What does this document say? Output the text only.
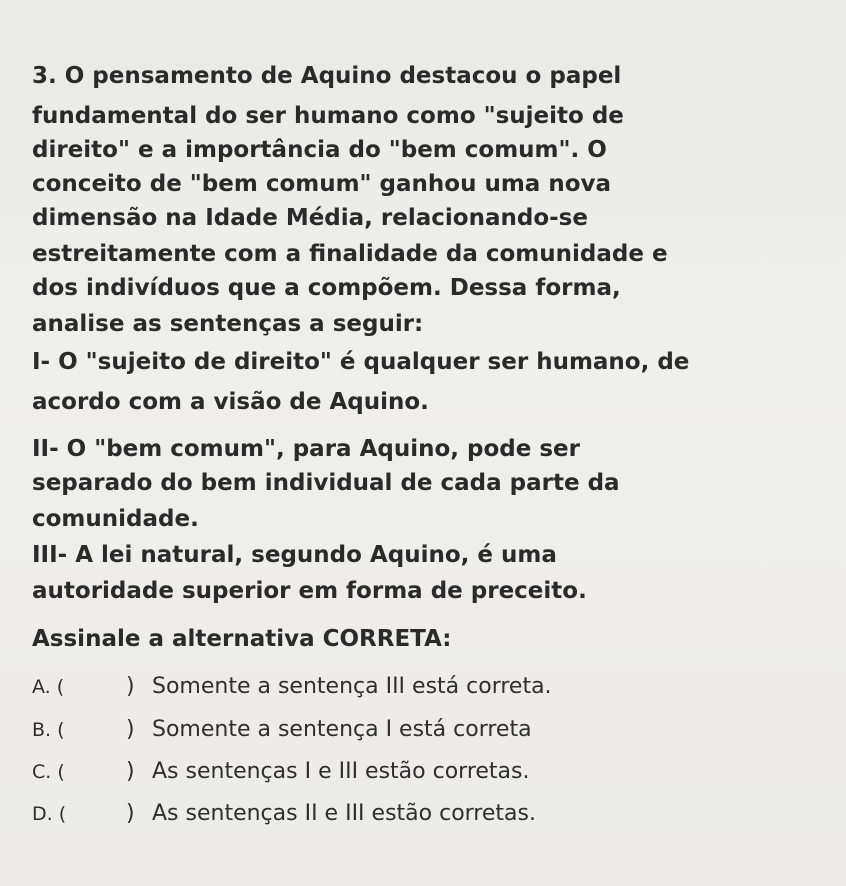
3. O pensamento de Aquino destacou o papel
fundamental do ser humano como "sujeito de
direito" e a importância do "bem comum". O
conceito de "bem comum" ganhou uma nova
dimensão na Idade Média, relacionando-se
estreitamente com a finalidade da comunidade e
dos indivíduos que a compõem. Dessa forma,
analise as sentenças a seguir:
I- O "sujeito de direito" é qualquer ser humano, de
acordo com a visão de Aquino.
II- O "bem comum", para Aquino, pode ser
separado do bem individual de cada parte da
comunidade.
III- A lei natural, segundo Aquino, é uma
autoridade superior em forma de preceito.
Assinale a alternativa CORRETA:
A. (	) Somente a sentença III está correta.
B. (	) Somente a sentença I está correta
C. (	) As sentenças I e III estão corretas.
D. (	) As sentenças II e III estão corretas.
